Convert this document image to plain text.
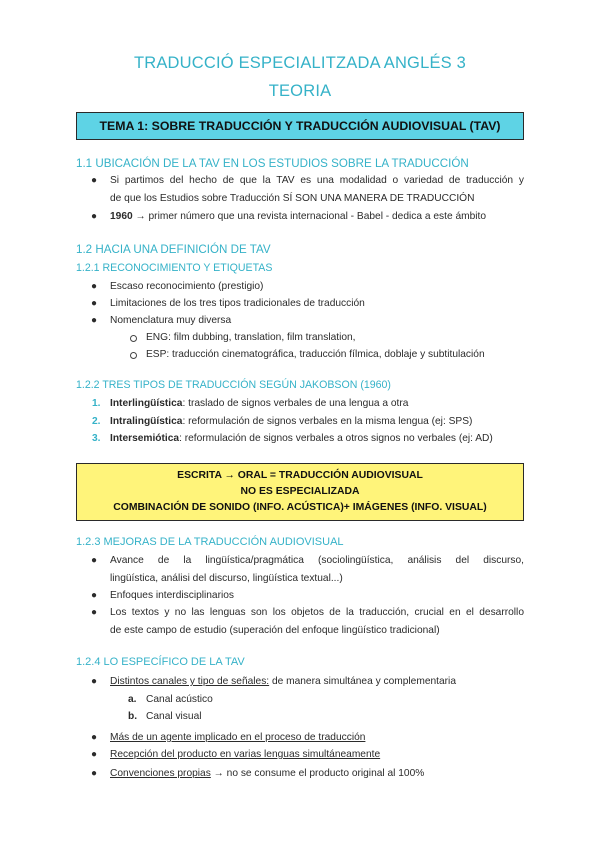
TRADUCCIÓ ESPECIALITZADA ANGLÉS 3
TEORIA
TEMA 1: SOBRE TRADUCCIÓN Y TRADUCCIÓN AUDIOVISUAL (TAV)
1.1 UBICACIÓN DE LA TAV EN LOS ESTUDIOS SOBRE LA TRADUCCIÓN
● Si partimos del hecho de que la TAV es una modalidad o variedad de traducción y
de que los Estudios sobre Traducción SÍ SON UNA MANERA DE TRADUCCIÓN
● 1960 → primer número que una revista internacional - Babel - dedica a este ámbito
1.2 HACIA UNA DEFINICIÓN DE TAV
1.2.1 RECONOCIMIENTO Y ETIQUETAS
● Escaso reconocimiento (prestigio)
● Limitaciones de los tres tipos tradicionales de traducción
● Nomenclatura muy diversa
ENG: film dubbing, translation, film translation,
ESP: traducción cinematográfica, traducción fílmica, doblaje y subtitulación
1.2.2 TRES TIPOS DE TRADUCCIÓN SEGÚN JAKOBSON (1960)
1. Interlingüística: traslado de signos verbales de una lengua a otra
2. Intralingüística: reformulación de signos verbales en la misma lengua (ej: SPS)
3. Intersemiótica: reformulación de signos verbales a otros signos no verbales (ej: AD)
ESCRITA → ORAL = TRADUCCIÓN AUDIOVISUAL
NO ES ESPECIALIZADA
COMBINACIÓN DE SONIDO (INFO. ACÚSTICA)+ IMÁGENES (INFO. VISUAL)
1.2.3 MEJORAS DE LA TRADUCCIÓN AUDIOVISUAL
● Avance de la lingüística/pragmática (sociolingüística, análisis del discurso,
lingüística, análisi del discurso, lingüística textual...)
● Enfoques interdisciplinarios
● Los textos y no las lenguas son los objetos de la traducción, crucial en el desarrollo
de este campo de estudio (superación del enfoque lingüístico tradicional)
1.2.4 LO ESPECÍFICO DE LA TAV
● Distintos canales y tipo de señales: de manera simultánea y complementaria
a. Canal acústico
b. Canal visual
● Más de un agente implicado en el proceso de traducción
● Recepción del producto en varias lenguas simultáneamente
● Convenciones propias → no se consume el producto original al 100%
